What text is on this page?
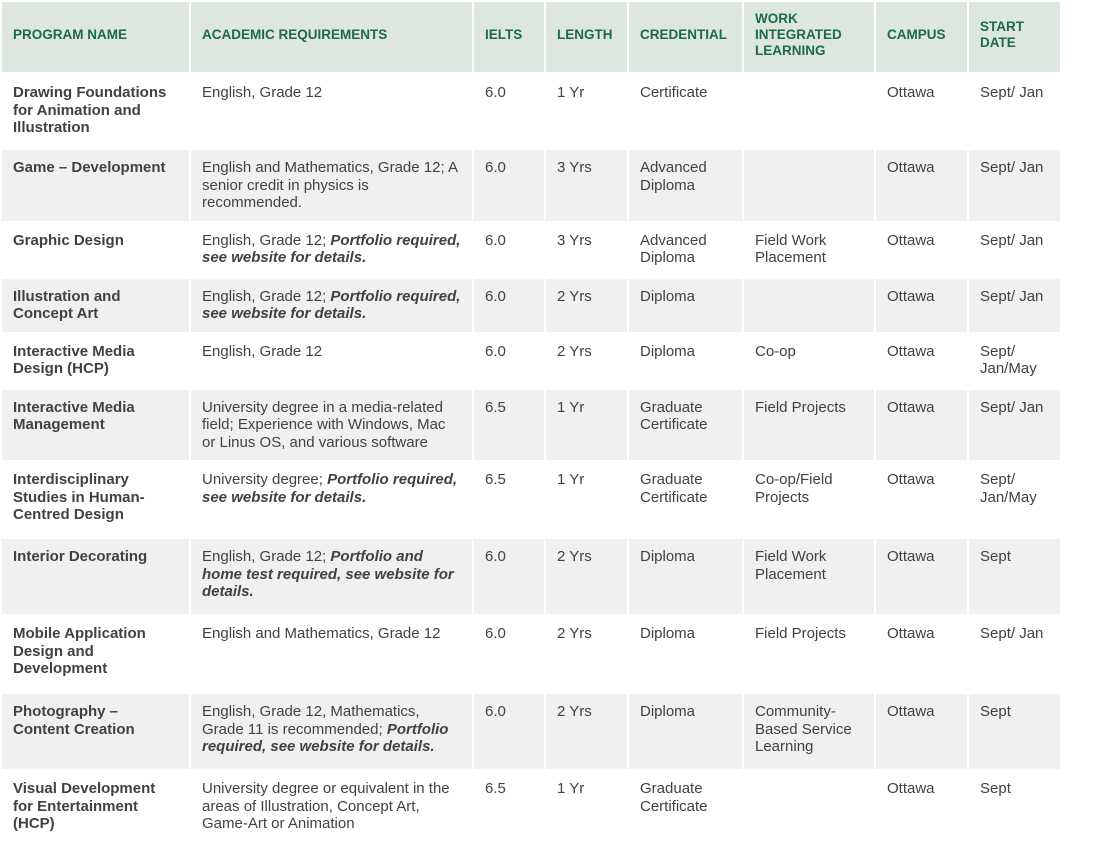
PROGRAM NAME	ACADEMIC REQUIREMENTS	IELTS	LENGTH	CREDENTIAL	WORK INTEGRATED LEARNING	CAMPUS	START DATE
Drawing Foundations for Animation and Illustration	English, Grade 12	6.0	1 Yr	Certificate		Ottawa	Sept/ Jan
Game – Development	English and Mathematics, Grade 12; A senior credit in physics is recommended.	6.0	3 Yrs	Advanced Diploma		Ottawa	Sept/ Jan
Graphic Design	English, Grade 12; Portfolio required, see website for details.	6.0	3 Yrs	Advanced Diploma	Field Work Placement	Ottawa	Sept/ Jan
Illustration and Concept Art	English, Grade 12; Portfolio required, see website for details.	6.0	2 Yrs	Diploma		Ottawa	Sept/ Jan
Interactive Media Design (HCP)	English, Grade 12	6.0	2 Yrs	Diploma	Co-op	Ottawa	Sept/ Jan/May
Interactive Media Management	University degree in a media-related field; Experience with Windows, Mac or Linus OS, and various software	6.5	1 Yr	Graduate Certificate	Field Projects	Ottawa	Sept/ Jan
Interdisciplinary Studies in Human-Centred Design	University degree; Portfolio required, see website for details.	6.5	1 Yr	Graduate Certificate	Co-op/Field Projects	Ottawa	Sept/ Jan/May
Interior Decorating	English, Grade 12; Portfolio and home test required, see website for details.	6.0	2 Yrs	Diploma	Field Work Placement	Ottawa	Sept
Mobile Application Design and Development	English and Mathematics, Grade 12	6.0	2 Yrs	Diploma	Field Projects	Ottawa	Sept/ Jan
Photography – Content Creation	English, Grade 12, Mathematics, Grade 11 is recommended; Portfolio required, see website for details.	6.0	2 Yrs	Diploma	Community-Based Service Learning	Ottawa	Sept
Visual Development for Entertainment (HCP)	University degree or equivalent in the areas of Illustration, Concept Art, Game-Art or Animation	6.5	1 Yr	Graduate Certificate		Ottawa	Sept
